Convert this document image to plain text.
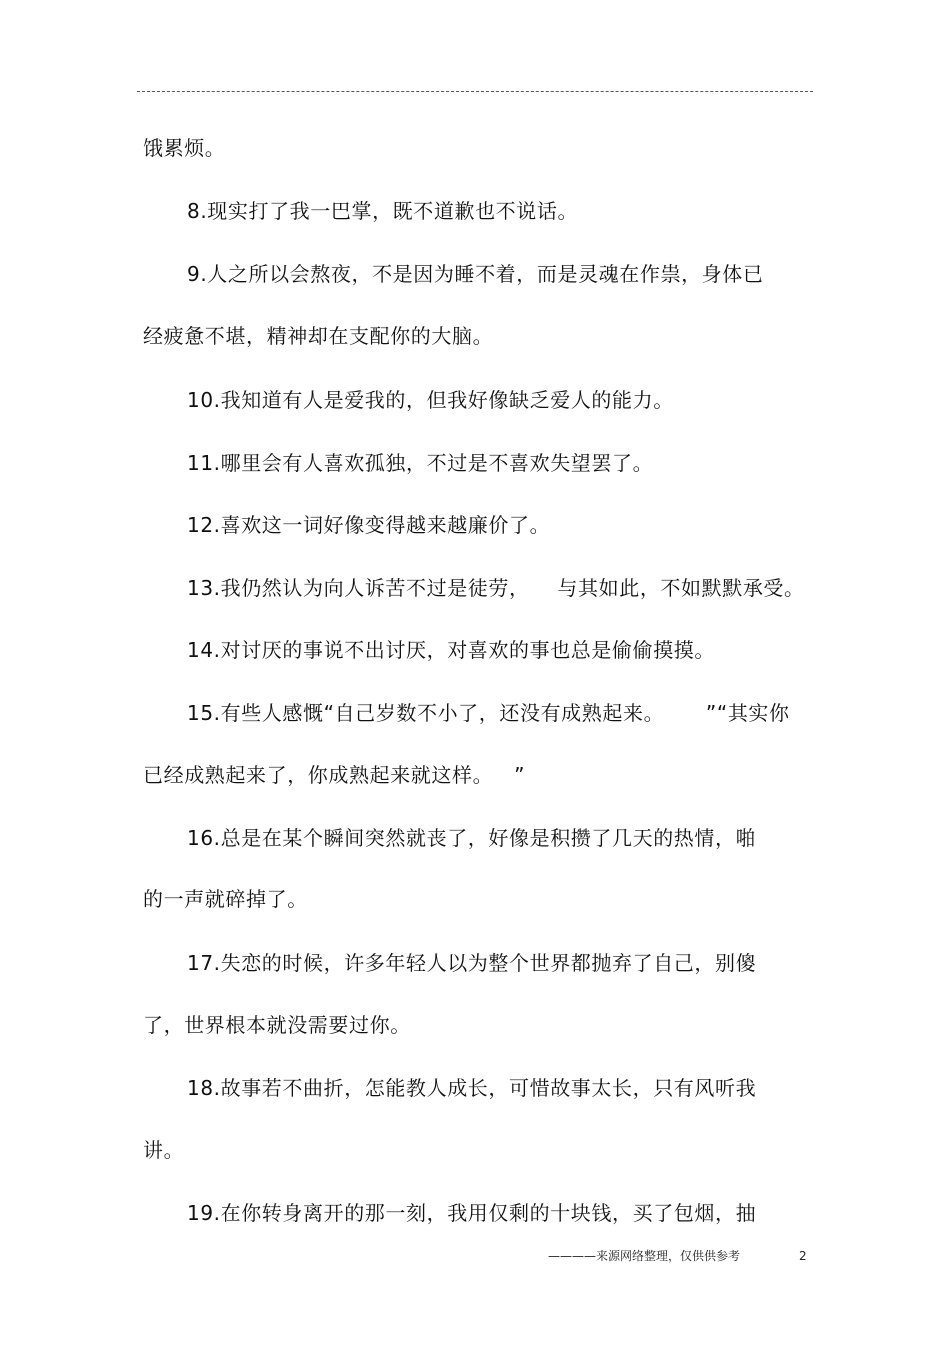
饿累烦。
8.现实打了我一巴掌，既不道歉也不说话。
9.人之所以会熬夜，不是因为睡不着，而是灵魂在作祟，身体已
经疲惫不堪，精神却在支配你的大脑。
10.我知道有人是爱我的，但我好像缺乏爱人的能力。
11.哪里会有人喜欢孤独，不过是不喜欢失望罢了。
12.喜欢这一词好像变得越来越廉价了。
13.我仍然认为向人诉苦不过是徒劳，    与其如此，不如默默承受。
14.对讨厌的事说不出讨厌，对喜欢的事也总是偷偷摸摸。
15.有些人感慨“自己岁数不小了，还没有成熟起来。      ”“其实你
已经成熟起来了，你成熟起来就这样。   ”
16.总是在某个瞬间突然就丧了，好像是积攒了几天的热情，啪
的一声就碎掉了。
17.失恋的时候，许多年轻人以为整个世界都抛弃了自己，别傻
了，世界根本就没需要过你。
18.故事若不曲折，怎能教人成长，可惜故事太长，只有风听我
讲。
19.在你转身离开的那一刻，我用仅剩的十块钱，买了包烟，抽
————来源网络整理，仅供供参考	2
